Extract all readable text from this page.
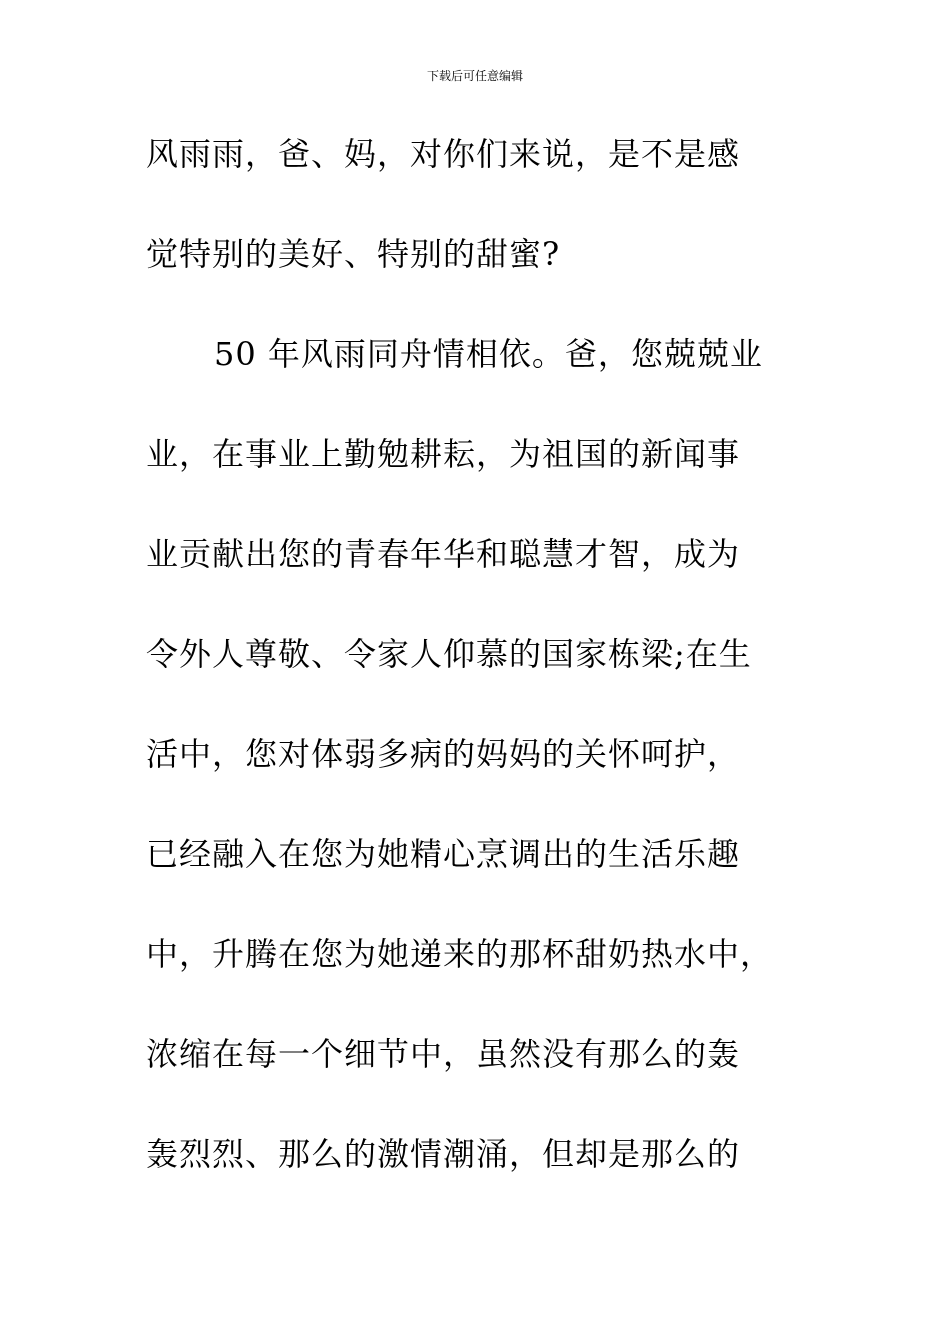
下载后可任意编辑
风雨雨，爸、妈，对你们来说，是不是感
觉特别的美好、特别的甜蜜?
50 年风雨同舟情相依。爸，您兢兢业
业，在事业上勤勉耕耘，为祖国的新闻事
业贡献出您的青春年华和聪慧才智，成为
令外人尊敬、令家人仰慕的国家栋梁;在生
活中，您对体弱多病的妈妈的关怀呵护，
已经融入在您为她精心烹调出的生活乐趣
中，升腾在您为她递来的那杯甜奶热水中，
浓缩在每一个细节中，虽然没有那么的轰
轰烈烈、那么的激情潮涌，但却是那么的
